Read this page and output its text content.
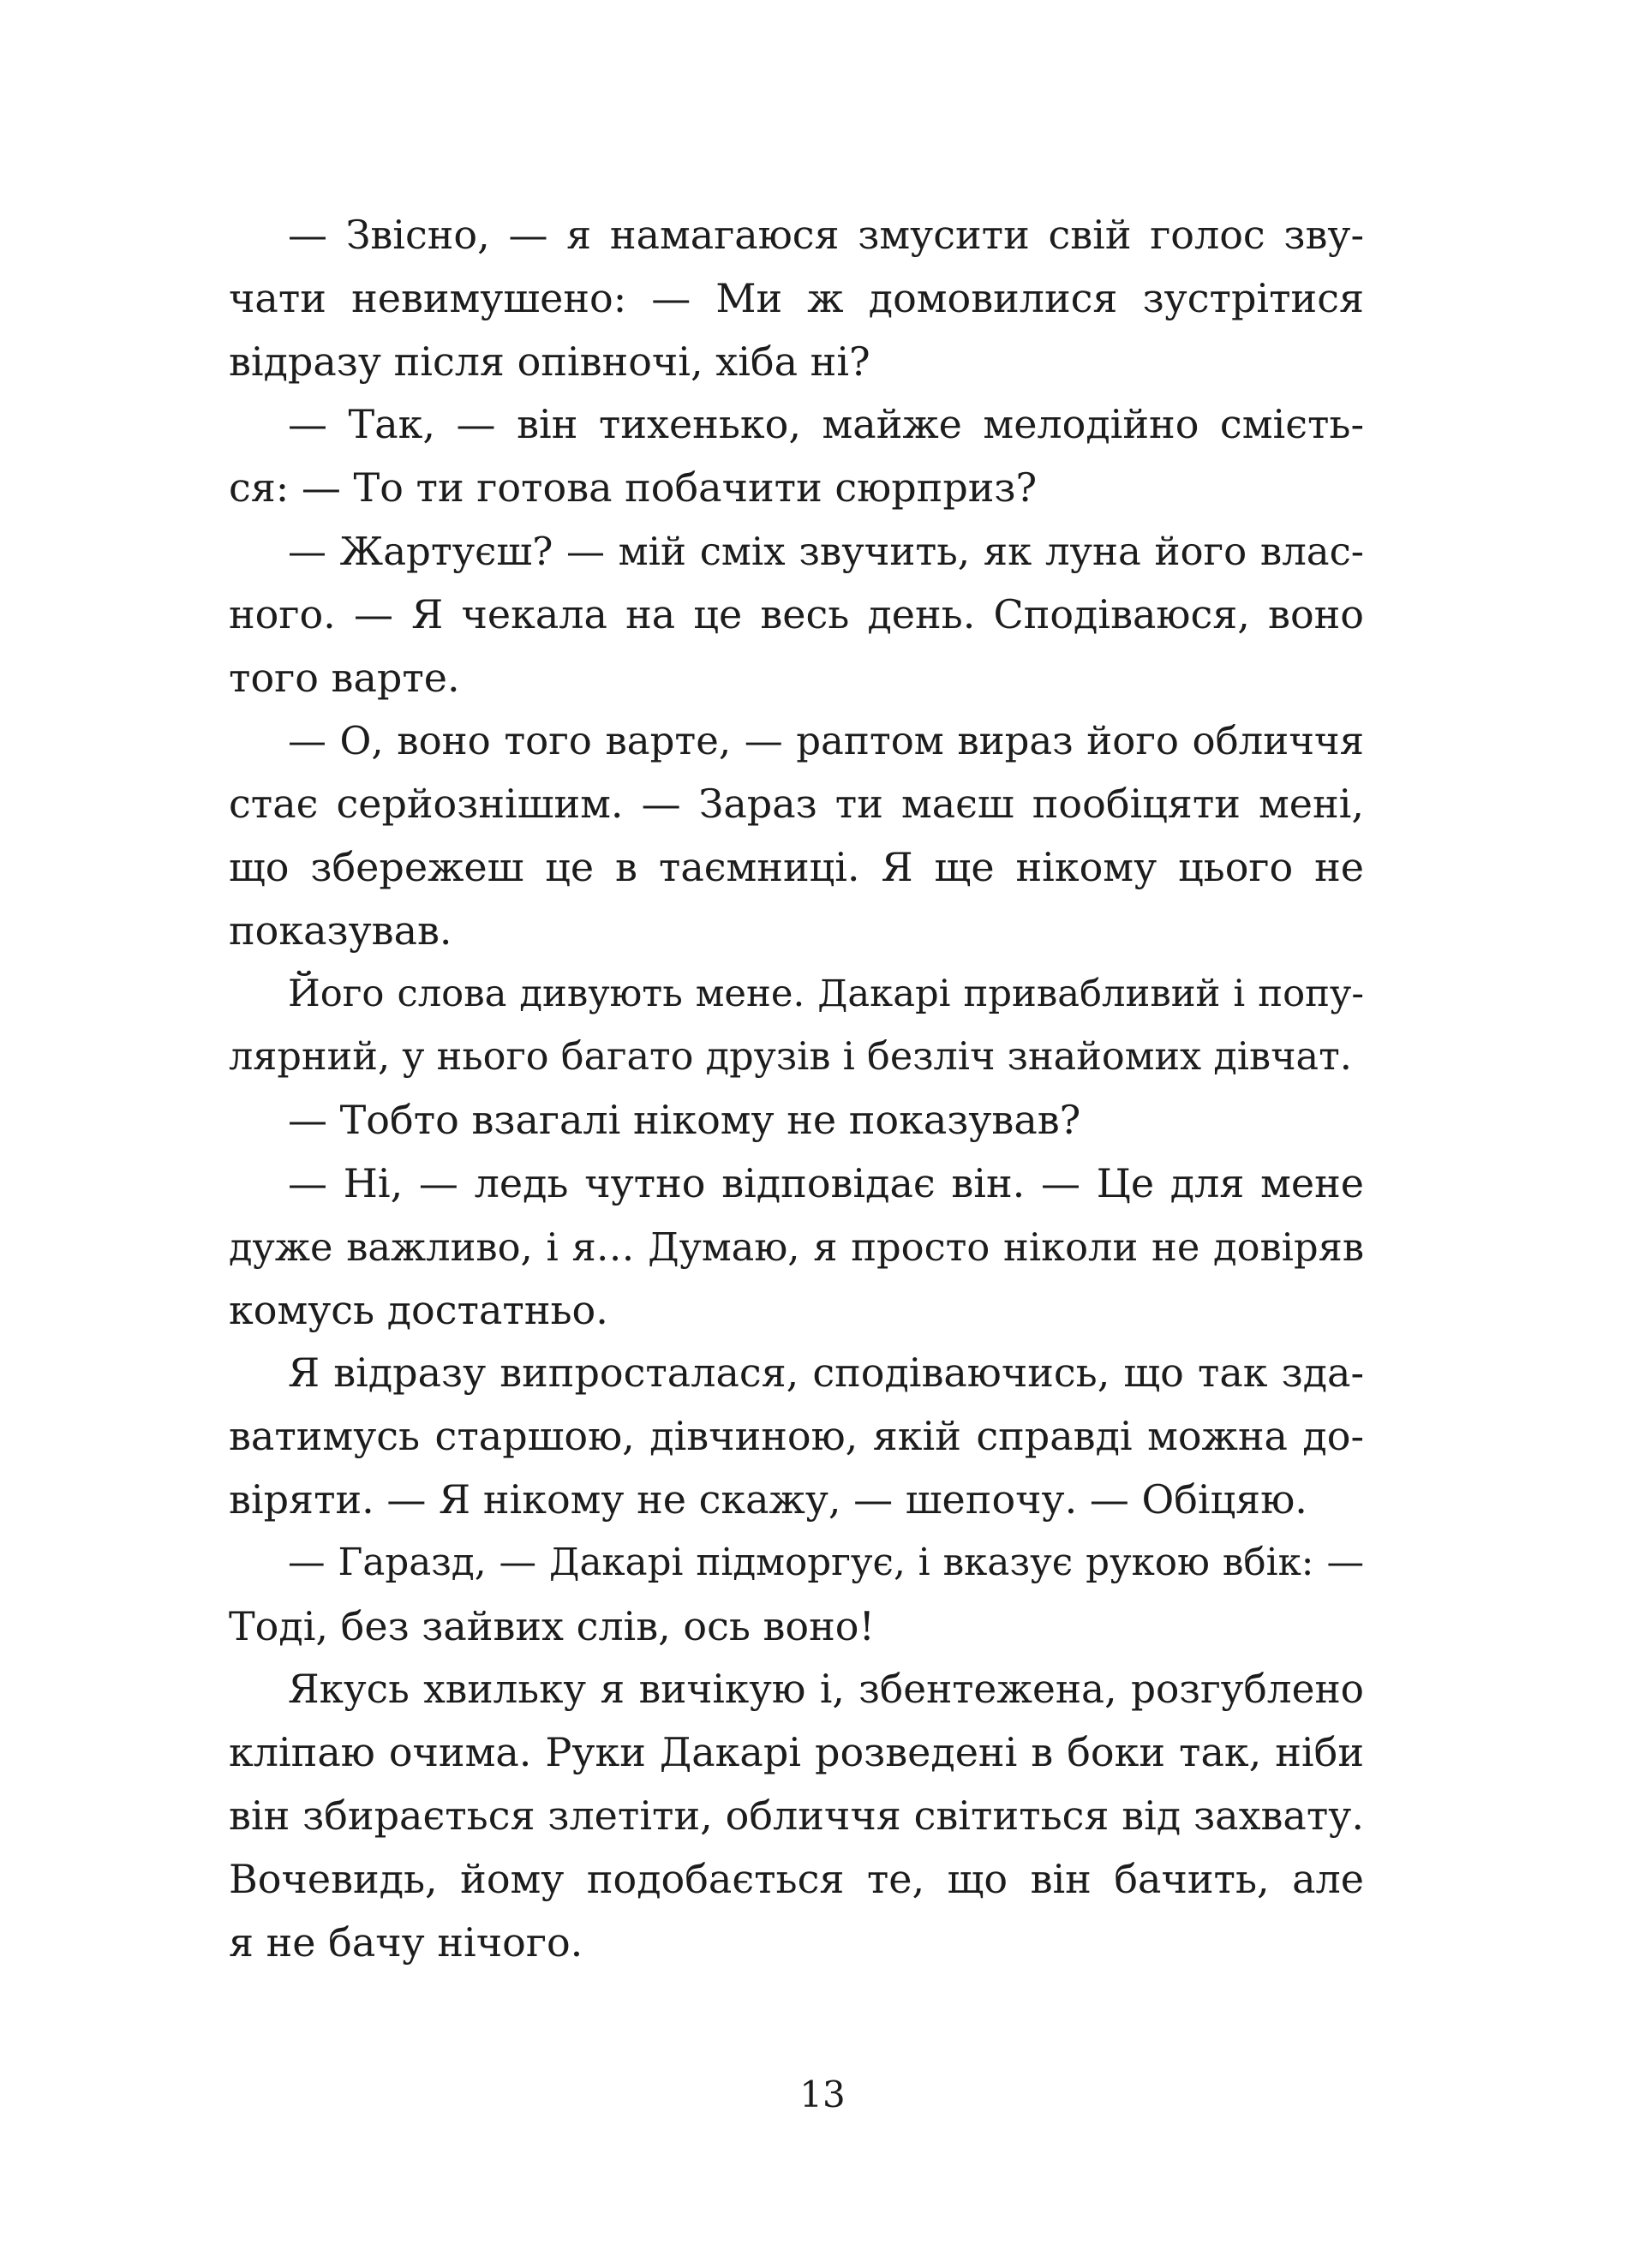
— Звісно, — я намагаюся змусити свій голос зву-
чати невимушено: — Ми ж домовилися зустрітися
відразу після опівночі, хіба ні?
— Так, — він тихенько, майже мелодійно смієть-
ся: — То ти готова побачити сюрприз?
— Жартуєш? — мій сміх звучить, як луна його влас-
ного. — Я чекала на це весь день. Сподіваюся, воно
того варте.
— О, воно того варте, — раптом вираз його обличчя
стає серйознішим. — Зараз ти маєш пообіцяти мені,
що збережеш це в таємниці. Я ще нікому цього не
показував.
Його слова дивують мене. Дакарі привабливий і попу-
лярний, у нього багато друзів і безліч знайомих дівчат.
— Тобто взагалі нікому не показував?
— Ні, — ледь чутно відповідає він. — Це для мене
дуже важливо, і я… Думаю, я просто ніколи не довіряв
комусь достатньо.
Я відразу випросталася, сподіваючись, що так зда-
ватимусь старшою, дівчиною, якій справді можна до-
віряти. — Я нікому не скажу, — шепочу. — Обіцяю.
— Гаразд, — Дакарі підморгує, і вказує рукою вбік: —
Тоді, без зайвих слів, ось воно!
Якусь хвильку я вичікую і, збентежена, розгублено
кліпаю очима. Руки Дакарі розведені в боки так, ніби
він збирається злетіти, обличчя світиться від захвату.
Вочевидь, йому подобається те, що він бачить, але
я не бачу нічого.
13
